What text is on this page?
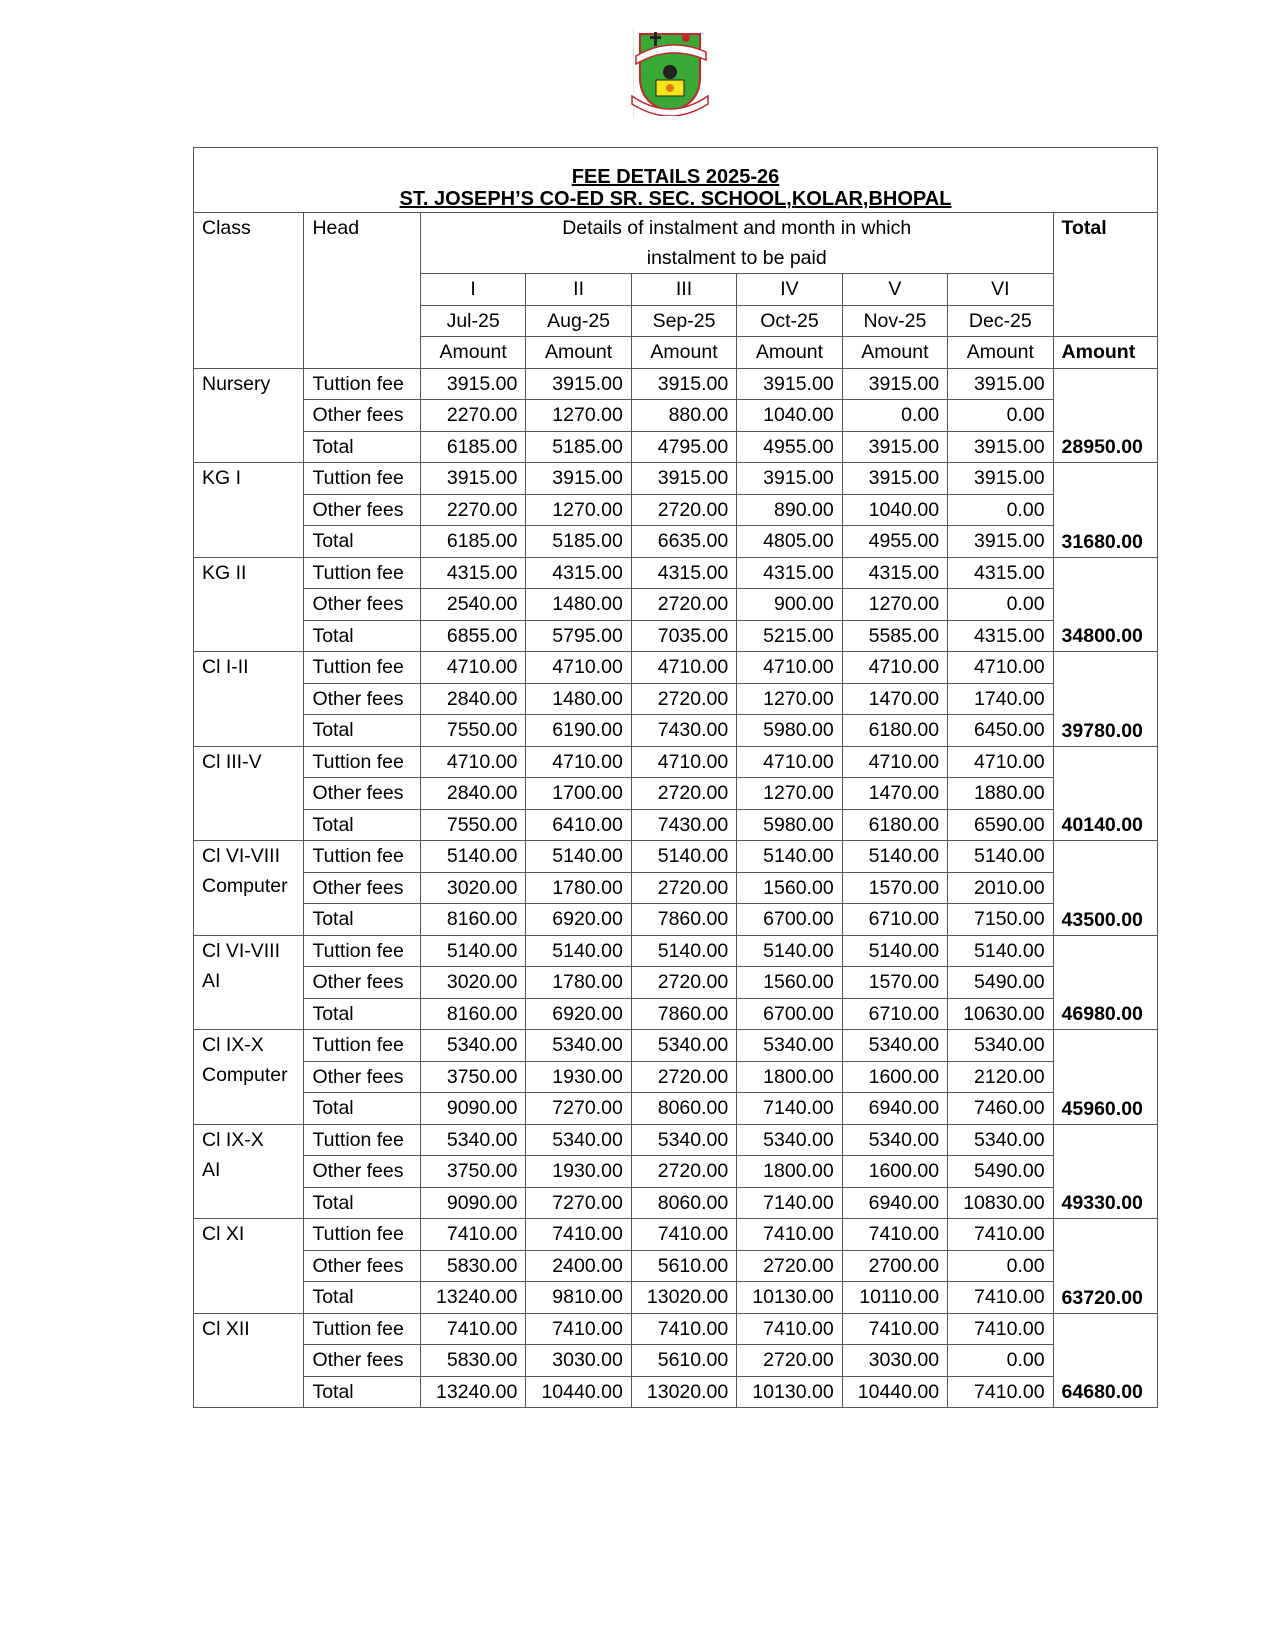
FEE DETAILS 2025-26
ST. JOSEPH’S CO-ED SR. SEC. SCHOOL,KOLAR,BHOPAL								

Class	Head	Details of instalment and month in which
instalment to be paid						Total

		I	II	III	IV	V	VI	
		Jul-25	Aug-25	Sep-25	Oct-25	Nov-25	Dec-25	
		Amount	Amount	Amount	Amount	Amount	Amount	Amount

Nursery	Tuttion fee	3915.00	3915.00	3915.00	3915.00	3915.00	3915.00	28950.00
	Other fees	2270.00	1270.00	880.00	1040.00	0.00	0.00	
	Total	6185.00	5185.00	4795.00	4955.00	3915.00	3915.00	

KG I	Tuttion fee	3915.00	3915.00	3915.00	3915.00	3915.00	3915.00	31680.00
	Other fees	2270.00	1270.00	2720.00	890.00	1040.00	0.00	
	Total	6185.00	5185.00	6635.00	4805.00	4955.00	3915.00	

KG II	Tuttion fee	4315.00	4315.00	4315.00	4315.00	4315.00	4315.00	34800.00
	Other fees	2540.00	1480.00	2720.00	900.00	1270.00	0.00	
	Total	6855.00	5795.00	7035.00	5215.00	5585.00	4315.00	

Cl I-II	Tuttion fee	4710.00	4710.00	4710.00	4710.00	4710.00	4710.00	39780.00
	Other fees	2840.00	1480.00	2720.00	1270.00	1470.00	1740.00	
	Total	7550.00	6190.00	7430.00	5980.00	6180.00	6450.00	

Cl III-V	Tuttion fee	4710.00	4710.00	4710.00	4710.00	4710.00	4710.00	40140.00
	Other fees	2840.00	1700.00	2720.00	1270.00	1470.00	1880.00	
	Total	7550.00	6410.00	7430.00	5980.00	6180.00	6590.00	

Cl VI-VIII
Computer	Tuttion fee	5140.00	5140.00	5140.00	5140.00	5140.00	5140.00	43500.00
	Other fees	3020.00	1780.00	2720.00	1560.00	1570.00	2010.00	
	Total	8160.00	6920.00	7860.00	6700.00	6710.00	7150.00	

Cl VI-VIII
AI	Tuttion fee	5140.00	5140.00	5140.00	5140.00	5140.00	5140.00	46980.00
	Other fees	3020.00	1780.00	2720.00	1560.00	1570.00	5490.00	
	Total	8160.00	6920.00	7860.00	6700.00	6710.00	10630.00	

Cl IX-X
Computer	Tuttion fee	5340.00	5340.00	5340.00	5340.00	5340.00	5340.00	45960.00
	Other fees	3750.00	1930.00	2720.00	1800.00	1600.00	2120.00	
	Total	9090.00	7270.00	8060.00	7140.00	6940.00	7460.00	

Cl IX-X
AI	Tuttion fee	5340.00	5340.00	5340.00	5340.00	5340.00	5340.00	49330.00
	Other fees	3750.00	1930.00	2720.00	1800.00	1600.00	5490.00	
	Total	9090.00	7270.00	8060.00	7140.00	6940.00	10830.00	

Cl XI	Tuttion fee	7410.00	7410.00	7410.00	7410.00	7410.00	7410.00	63720.00
	Other fees	5830.00	2400.00	5610.00	2720.00	2700.00	0.00	
	Total	13240.00	9810.00	13020.00	10130.00	10110.00	7410.00	

Cl XII	Tuttion fee	7410.00	7410.00	7410.00	7410.00	7410.00	7410.00	64680.00
	Other fees	5830.00	3030.00	5610.00	2720.00	3030.00	0.00	
	Total	13240.00	10440.00	13020.00	10130.00	10440.00	7410.00	
